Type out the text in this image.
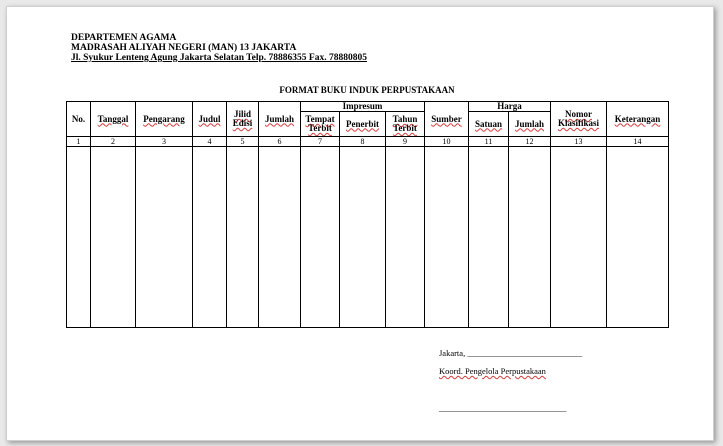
DEPARTEMEN AGAMA
MADRASAH ALIYAH NEGERI (MAN) 13 JAKARTA
Jl. Syukur Lenteng Agung Jakarta Selatan Telp. 78886355 Fax. 78880805
FORMAT BUKU INDUK PERPUSTAKAAN
No.	Tanggal	Pengarang	Judul	Jilid Edisi	Jumlah	Impresum			Sumber	Harga		Nomor Klasifikasi	Keterangan
						Tempat Terbit	Penerbit	Tahun Terbit		Satuan	Jumlah		
1	2	3	4	5	6	7	8	9	10	11	12	13	14

Jakarta, ___________________________
Koord. Pengelola Perpustakaan
______________________________
